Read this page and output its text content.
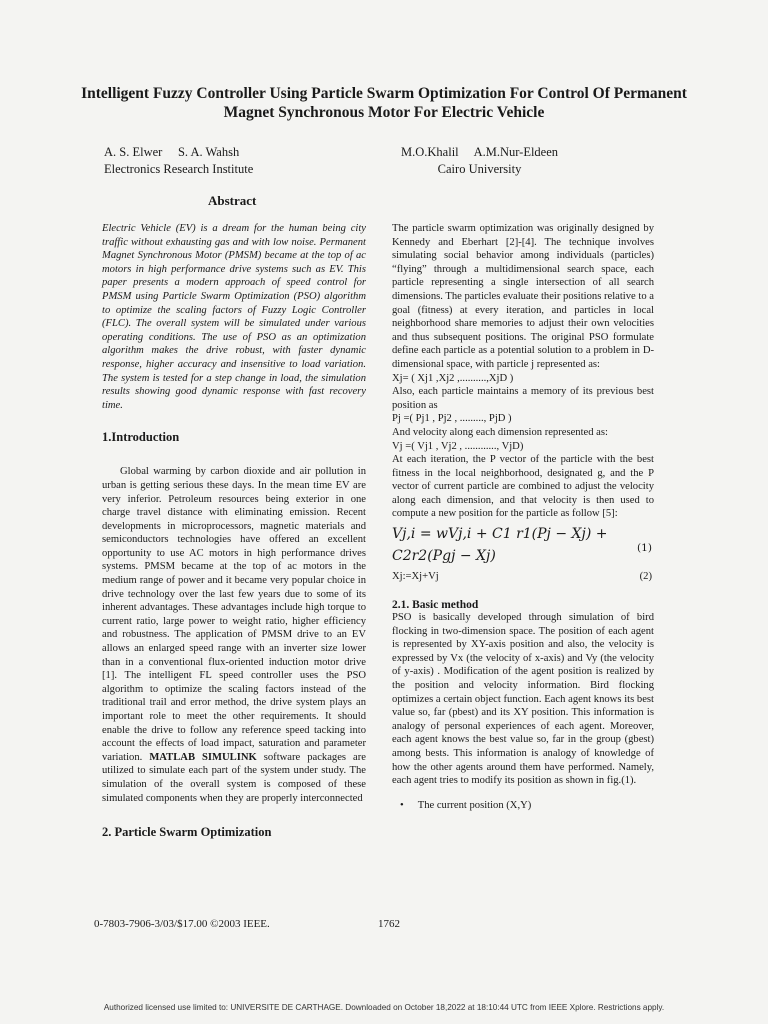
Intelligent Fuzzy Controller Using Particle Swarm Optimization For Control Of Permanent Magnet Synchronous Motor For Electric Vehicle
A. S. Elwer     S. A. Wahsh
Electronics Research Institute
M.O.Khalil     A.M.Nur-Eldeen
Cairo University
Abstract

Electric Vehicle (EV) is a dream for the human being city traffic without exhausting gas and with low noise. Permanent Magnet Synchronous Motor (PMSM) became at the top of ac motors in high performance drive systems such as EV. This paper presents a modern approach of speed control for PMSM using Particle Swarm Optimization (PSO) algorithm to optimize the scaling factors of Fuzzy Logic Controller (FLC). The overall system will be simulated under various operating conditions. The use of PSO as an optimization algorithm makes the drive robust, with faster dynamic response, higher accuracy and insensitive to load variation. The system is tested for a step change in load, the simulation results showing good dynamic response with fast recovery time.

1.Introduction

Global warming by carbon dioxide and air pollution in urban is getting serious these days. In the mean time EV are very inferior. Petroleum resources being exterior in one charge travel distance with eliminating emission. Recent developments in microprocessors, magnetic materials and semiconductors technologies have offered an excellent opportunity to use AC motors in high performance drives systems. PMSM became at the top of ac motors in the medium range of power and it became very popular choice in drive technology over the last few years due to some of its inherent advantages. These advantages include high torque to current ratio, large power to weight ratio, higher efficiency and robustness. The application of PMSM drive to an EV allows an enlarged speed range with an inverter size lower than in a conventional flux-oriented induction motor drive [1]. The intelligent FL speed controller uses the PSO algorithm to optimize the scaling factors instead of the traditional trail and error method, the drive system plays an important role to meet the other requirements. It should enable the drive to follow any reference speed tacking into account the effects of load impact, saturation and parameter variation. MATLAB SIMULINK software packages are utilized to simulate each part of the system under study. The simulation of the overall system is composed of these simulated components when they are properly interconnected

2. Particle Swarm Optimization

The particle swarm optimization was originally designed by Kennedy and Eberhart [2]-[4]. The technique involves simulating social behavior among individuals (particles) “flying” through a multidimensional search space, each particle representing a single intersection of all search dimensions. The particles evaluate their positions relative to a goal (fitness) at every iteration, and particles in local neighborhood share memories to adjust their own velocities and thus subsequent positions. The original PSO formulate define each particle as a potential solution to a problem in D-dimensional space, with particle j represented as:

Xj= ( Xj1 ,Xj2 ,..........,XjD )

Also, each particle maintains a memory of its previous best position as

Pj =( Pj1 , Pj2 , ........., PjD )

And velocity along each dimension represented as:

Vj =( Vj1 , Vj2 , ............, VjD)

At each iteration, the P vector of the particle with the best fitness in the local neighborhood, designated g, and the P vector of current particle are combined to adjust the velocity along each dimension, and that velocity is then used to compute a new position for the particle as follow [5]:

Vj,i = wVj,i + C1 r1(Pj − Xj) +
(1)
C2r2(Pgj − Xj)
Xj:=Xj+Vj	(2)
2.1. Basic method

PSO is basically developed through simulation of bird flocking in two-dimension space. The position of each agent is represented by XY-axis position and also, the velocity is expressed by Vx (the velocity of x-axis) and Vy (the velocity of y-axis) . Modification of the agent position is realized by the position and velocity information. Bird flocking optimizes a certain object function. Each agent knows its best value so, far (pbest) and its XY position. This information is analogy of personal experiences of each agent. Moreover, each agent knows the best value so, far in the group (gbest) among bests. This information is analogy of knowledge of how the other agents around them have performed. Namely, each agent tries to modify its position as shown in fig.(1).

• The current position (X,Y)

0-7803-7906-3/03/$17.00 ©2003 IEEE.	1762
Authorized licensed use limited to: UNIVERSITE DE CARTHAGE. Downloaded on October 18,2022 at 18:10:44 UTC from IEEE Xplore. Restrictions apply.
